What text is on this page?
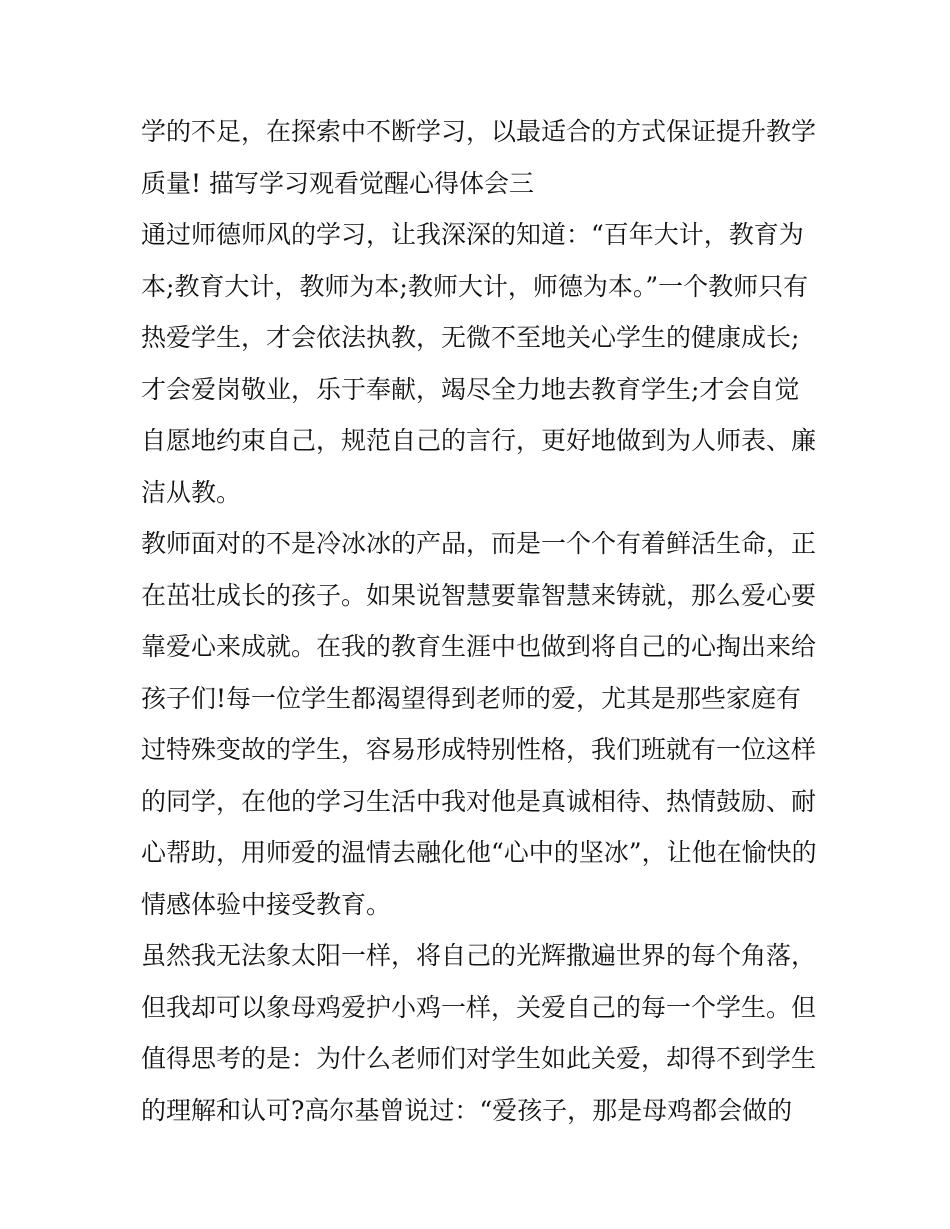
学的不足，在探索中不断学习，以最适合的方式保证提升教学
质量! 描写学习观看觉醒心得体会三
通过师德师风的学习，让我深深的知道：“百年大计，教育为
本;教育大计，教师为本;教师大计，师德为本。”一个教师只有
热爱学生，才会依法执教，无微不至地关心学生的健康成长;
才会爱岗敬业，乐于奉献，竭尽全力地去教育学生;才会自觉
自愿地约束自己，规范自己的言行，更好地做到为人师表、廉
洁从教。
教师面对的不是冷冰冰的产品，而是一个个有着鲜活生命，正
在茁壮成长的孩子。如果说智慧要靠智慧来铸就，那么爱心要
靠爱心来成就。在我的教育生涯中也做到将自己的心掏出来给
孩子们!每一位学生都渴望得到老师的爱，尤其是那些家庭有
过特殊变故的学生，容易形成特别性格，我们班就有一位这样
的同学，在他的学习生活中我对他是真诚相待、热情鼓励、耐
心帮助，用师爱的温情去融化他“心中的坚冰”，让他在愉快的
情感体验中接受教育。
虽然我无法象太阳一样，将自己的光辉撒遍世界的每个角落，
但我却可以象母鸡爱护小鸡一样，关爱自己的每一个学生。但
值得思考的是：为什么老师们对学生如此关爱，却得不到学生
的理解和认可?高尔基曾说过：“爱孩子，那是母鸡都会做的
